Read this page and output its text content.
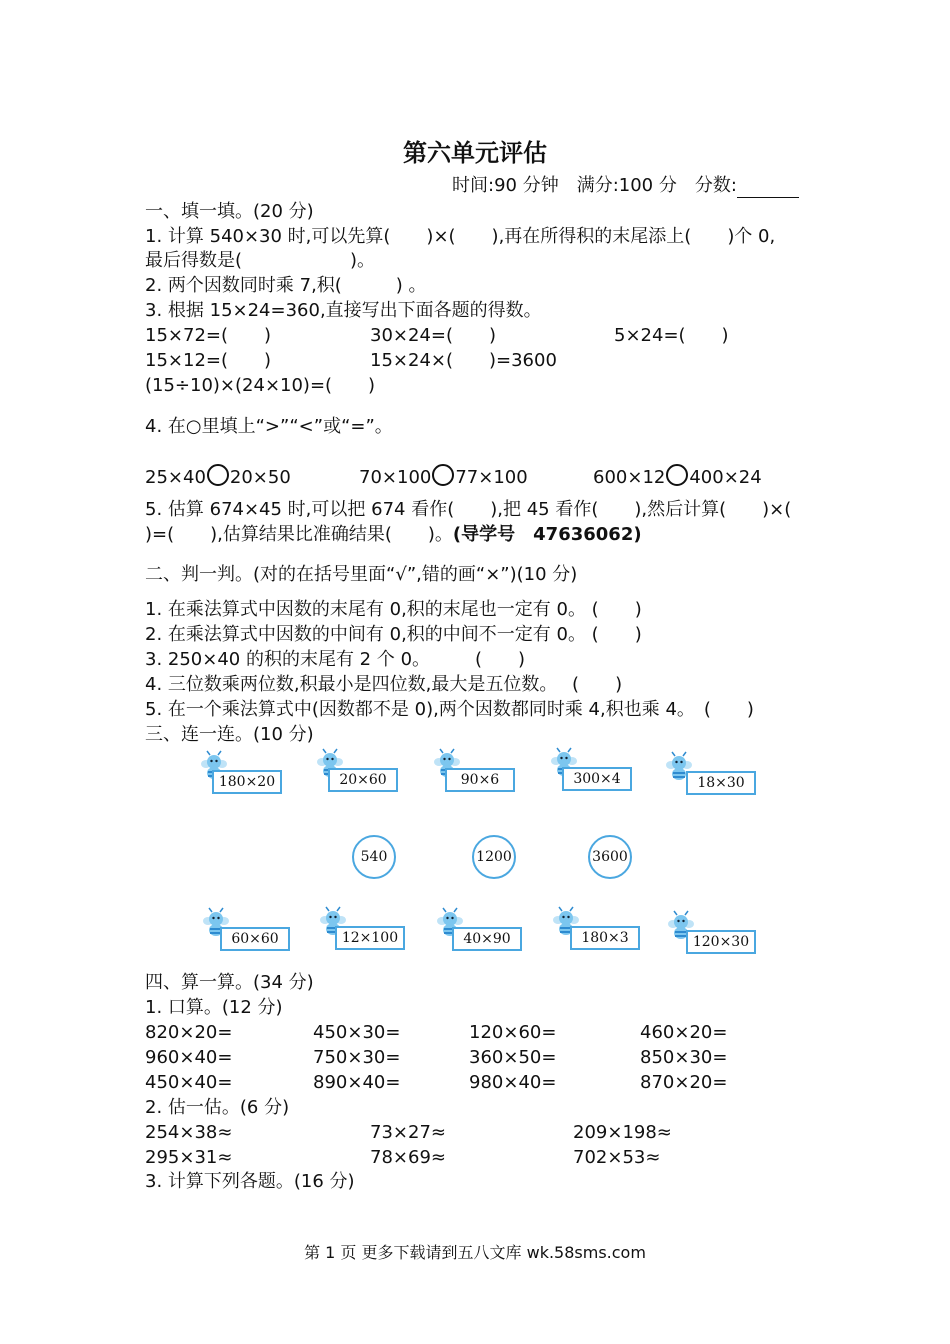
第六单元评估
时间:90 分钟　满分:100 分　分数:
一、填一填。(20 分)
1. 计算 540×30 时,可以先算(　　)×(　　),再在所得积的末尾添上(　　)个 0,
最后得数是(　　　　　　)。
2. 两个因数同时乘 7,积(　　　) 。
3. 根据 15×24=360,直接写出下面各题的得数。
15×72=(　　)	30×24=(　　)	5×24=(　　)
15×12=(　　)	15×24×(　　)=3600
(15÷10)×(24×10)=(　　)
4. 在○里填上“>”“<”或“=”。
25×40 20×50	70×100 77×100	600×12 400×24
5. 估算 674×45 时,可以把 674 看作(　　),把 45 看作(　　),然后计算(　　)×(
)=(　　),估算结果比准确结果(　　)。(导学号　47636062)
二、判一判。(对的在括号里面“√”,错的画“×”)(10 分)
1. 在乘法算式中因数的末尾有 0,积的末尾也一定有 0。 (　　)
2. 在乘法算式中因数的中间有 0,积的中间不一定有 0。 (　　)
3. 250×40 的积的末尾有 2 个 0。　　　(　　)
4. 三位数乘两位数,积最小是四位数,最大是五位数。　 (　　)
5. 在一个乘法算式中(因数都不是 0),两个因数都同时乘 4,积也乘 4。　(　　)
三、连一连。(10 分)
180×20	20×60	90×6	300×4	18×30
540	1200	3600
60×60	12×100	40×90	180×3	120×30
四、算一算。(34 分)
1. 口算。(12 分)
820×20=	450×30=	120×60=	460×20=
960×40=	750×30=	360×50=	850×30=
450×40=	890×40=	980×40=	870×20=
2. 估一估。(6 分)
254×38≈	73×27≈	209×198≈
295×31≈	78×69≈	702×53≈
3. 计算下列各题。(16 分)
第 1 页 更多下载请到五八文库 wk.58sms.com
